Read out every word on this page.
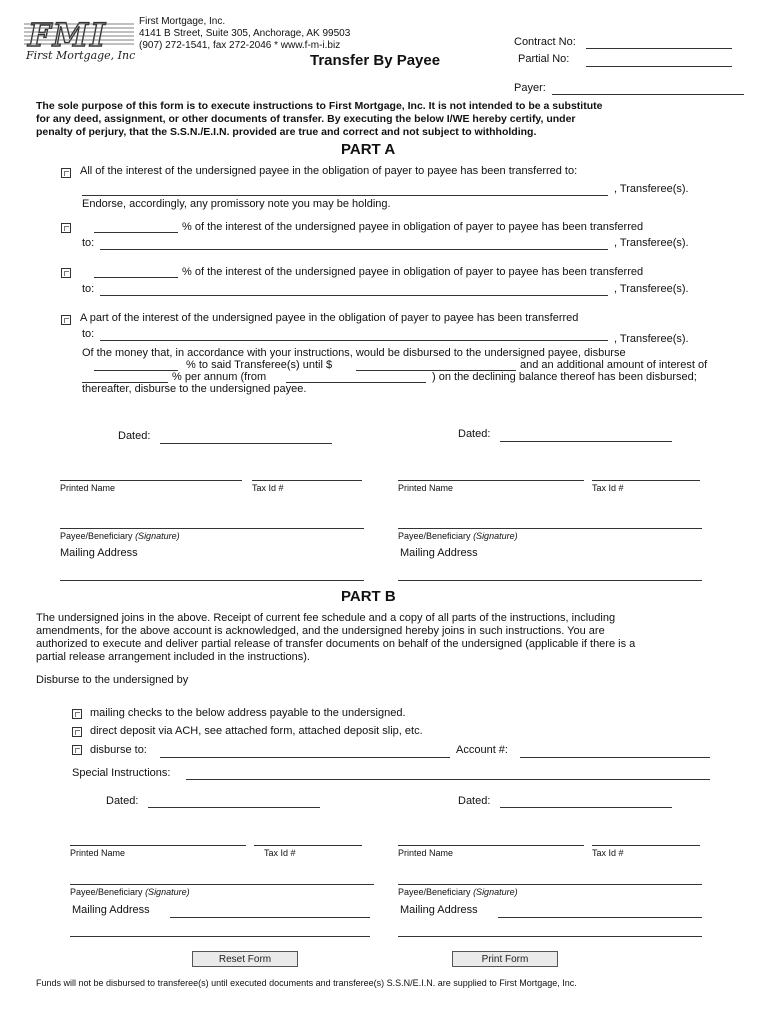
FMI
First Mortgage, Inc.
First Mortgage, Inc.
4141 B Street, Suite 305, Anchorage, AK 99503
(907) 272-1541, fax 272-2046 * www.f-m-i.biz
Transfer By Payee
Contract No:
Partial No:
Payer:
The sole purpose of this form is to execute instructions to First Mortgage, Inc. It is not intended to be a substitute
for any deed, assignment, or other documents of transfer. By executing the below I/WE hereby certify, under
penalty of perjury, that the S.S.N./E.I.N. provided are true and correct and not subject to withholding.
PART A
All of the interest of the undersigned payee in the obligation of payer to payee has been transferred to:
, Transferee(s).
Endorse, accordingly, any promissory note you may be holding.
% of the interest of the undersigned payee in obligation of payer to payee has been transferred
to:	, Transferee(s).
% of the interest of the undersigned payee in obligation of payer to payee has been transferred
to:	, Transferee(s).
A part of the interest of the undersigned payee in the obligation of payer to payee has been transferred
to:	, Transferee(s).
Of the money that, in accordance with your instructions, would be disbursed to the undersigned payee, disburse
% to said Transferee(s) until $	and an additional amount of interest of
% per annum (from	) on the declining balance thereof has been disbursed;
thereafter, disburse to the undersigned payee.
Dated:	Dated:
Printed Name	Tax Id #	Printed Name	Tax Id #
Payee/Beneficiary (Signature)	Payee/Beneficiary (Signature)
Mailing Address	Mailing Address
PART B
The undersigned joins in the above. Receipt of current fee schedule and a copy of all parts of the instructions, including
amendments, for the above account is acknowledged, and the undersigned hereby joins in such instructions. You are
authorized to execute and deliver partial release of transfer documents on behalf of the undersigned (applicable if there is a
partial release arrangement included in the instructions).
Disburse to the undersigned by
mailing checks to the below address payable to the undersigned.
direct deposit via ACH, see attached form, attached deposit slip, etc.
disburse to:	Account #:
Special Instructions:
Dated:	Dated:
Printed Name	Tax Id #	Printed Name	Tax Id #
Payee/Beneficiary (Signature)	Payee/Beneficiary (Signature)
Mailing Address	Mailing Address
Reset Form	Print Form
Funds will not be disbursed to transferee(s) until executed documents and transferee(s) S.S.N/E.I.N. are supplied to First Mortgage, Inc.
